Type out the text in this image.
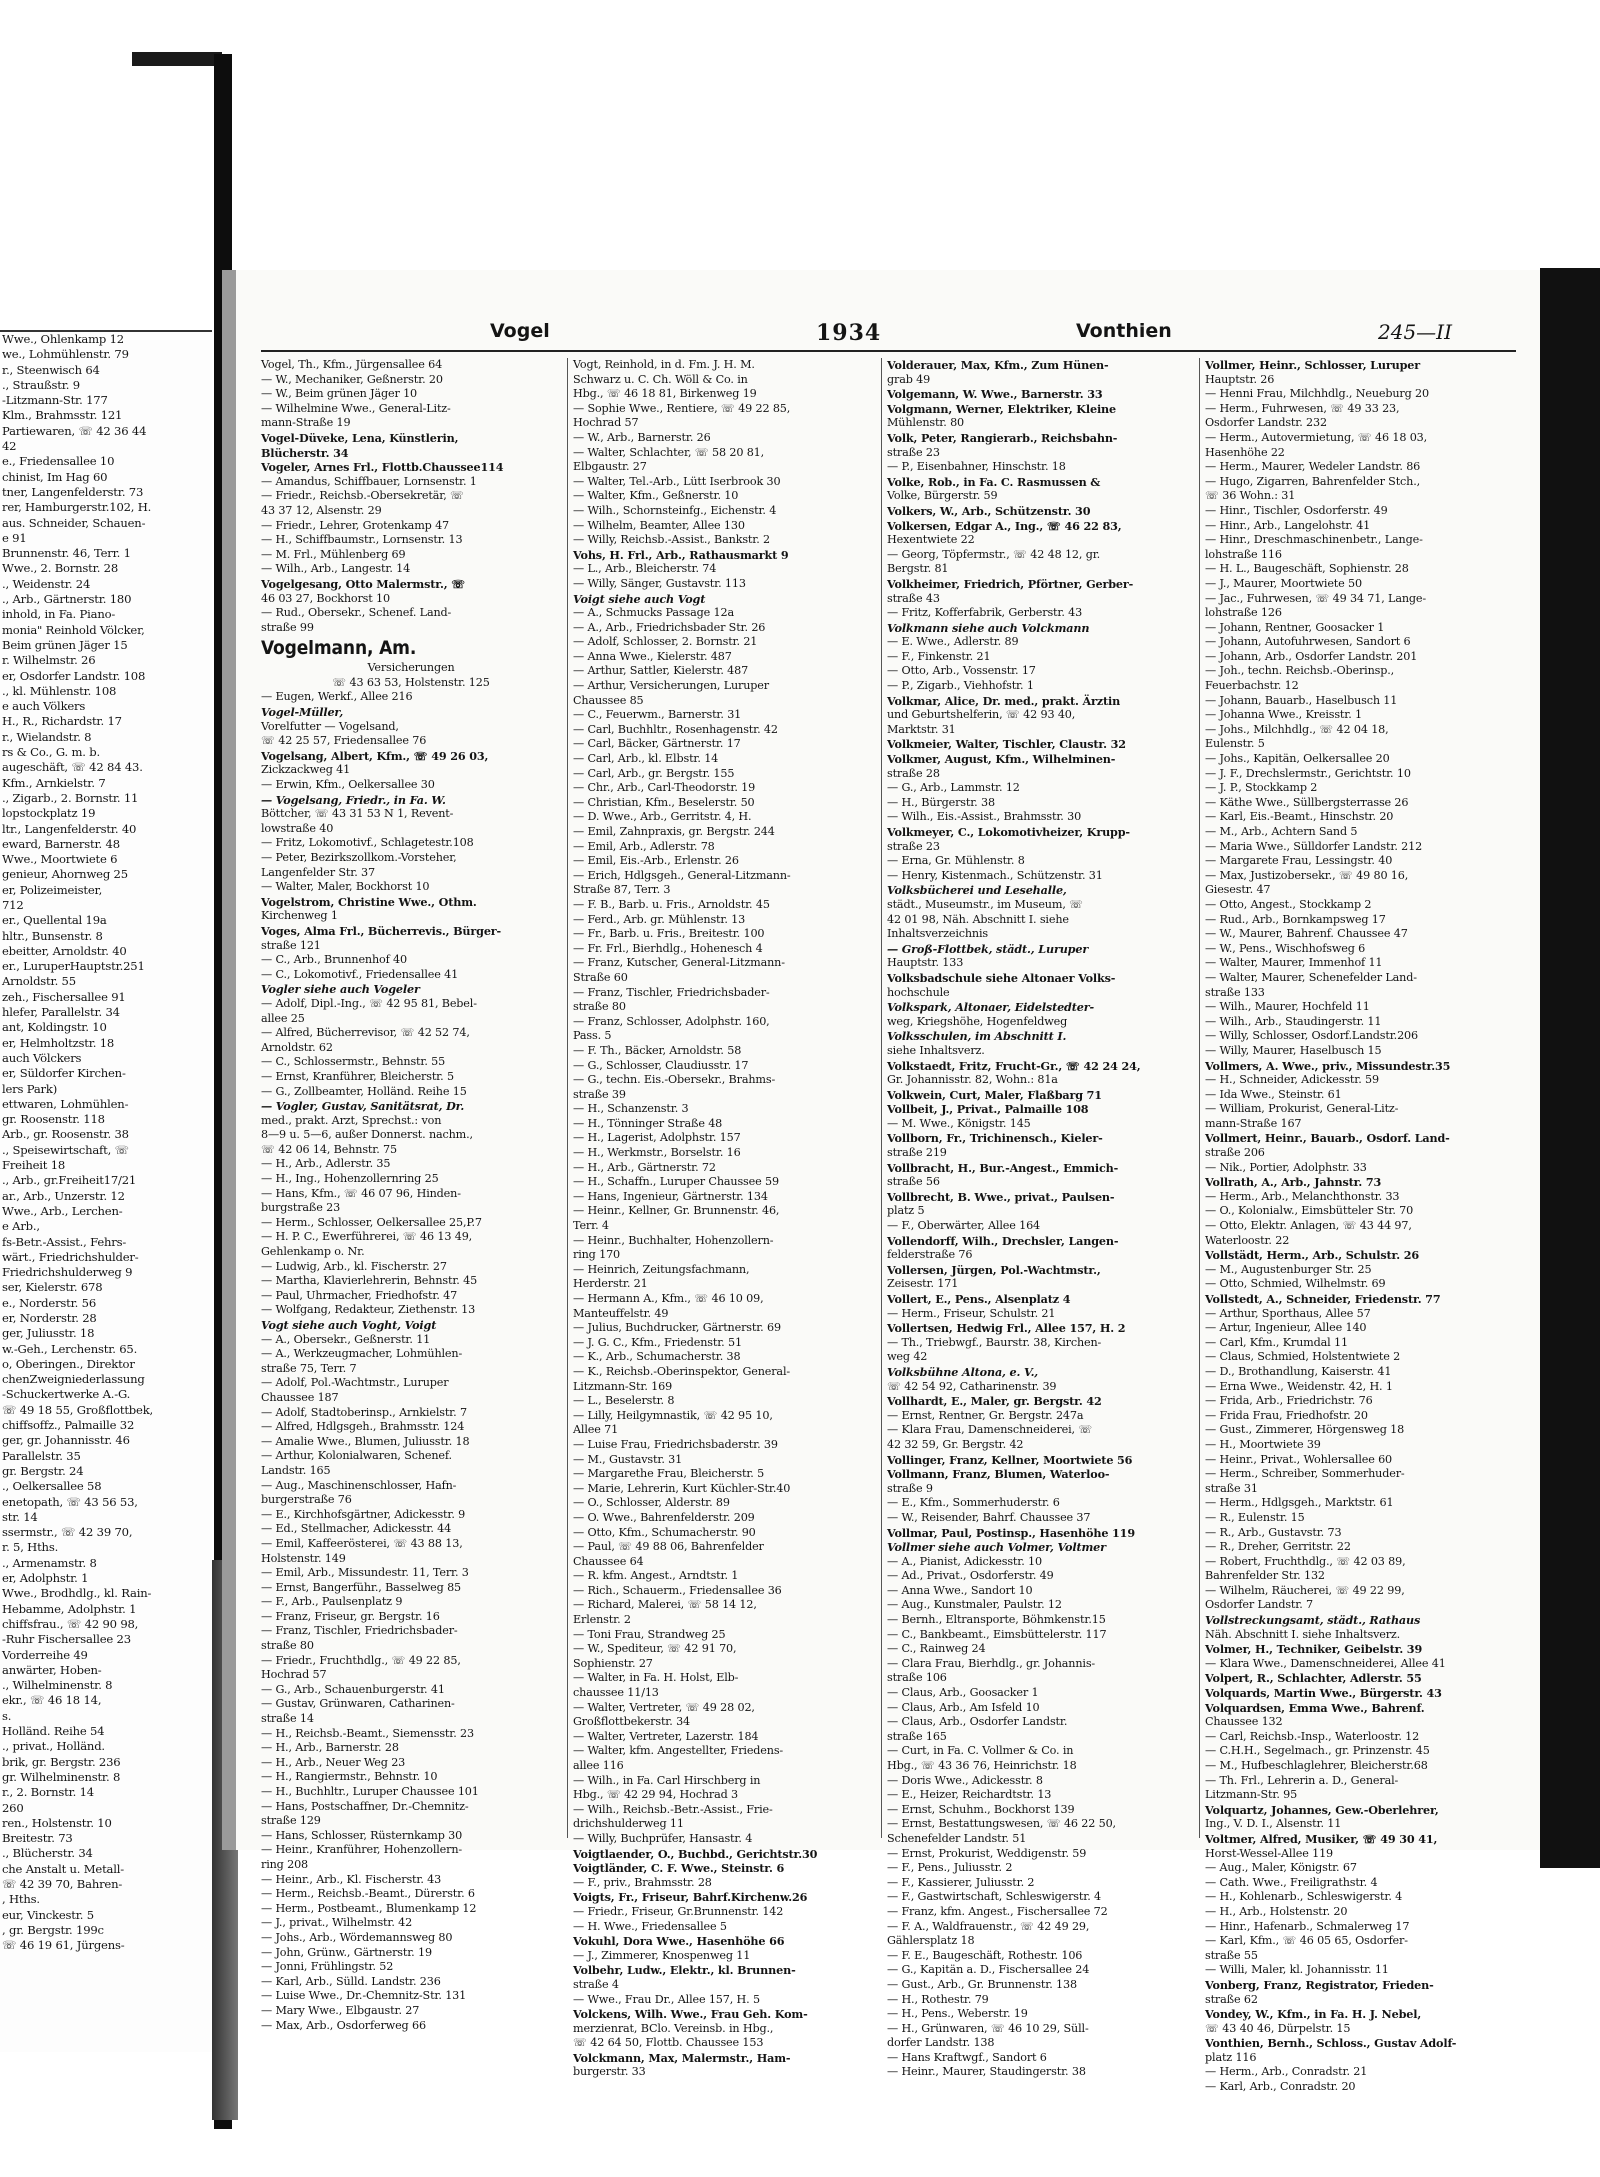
Wwe., Ohlenkamp 12
we., Lohmühlenstr. 79
r., Steenwisch 64
., Straußstr. 9
-Litzmann-Str. 177
Klm., Brahmsstr. 121
Partiewaren, ☏ 42 36 44
42
e., Friedensallee 10
chinist, Im Hag 60
tner, Langenfelderstr. 73
rer, Hamburgerstr.102, H.
aus. Schneider, Schauen-
e 91
Brunnenstr. 46, Terr. 1
Wwe., 2. Bornstr. 28
., Weidenstr. 24
., Arb., Gärtnerstr. 180
inhold, in Fa. Piano-
monia" Reinhold Völcker,
Beim grünen Jäger 15
r. Wilhelmstr. 26
er, Osdorfer Landstr. 108
., kl. Mühlenstr. 108
e auch Völkers
H., R., Richardstr. 17
r., Wielandstr. 8
rs & Co., G. m. b.
augeschäft, ☏ 42 84 43.
Kfm., Arnkielstr. 7
., Zigarb., 2. Bornstr. 11
lopstockplatz 19
ltr., Langenfelderstr. 40
eward, Barnerstr. 48
Wwe., Moortwiete 6
genieur, Ahornweg 25
er, Polizeimeister,
712
er., Quellental 19a
hltr., Bunsenstr. 8
ebeitter, Arnoldstr. 40
er., LuruperHauptstr.251
Arnoldstr. 55
zeh., Fischersallee 91
hlefer, Parallelstr. 34
ant, Koldingstr. 10
er, Helmholtzstr. 18
auch Völckers
er, Süldorfer Kirchen-
lers Park)
ettwaren, Lohmühlen-
gr. Roosenstr. 118
Arb., gr. Roosenstr. 38
., Speisewirtschaft, ☏
Freiheit 18
., Arb., gr.Freiheit17/21
ar., Arb., Unzerstr. 12
Wwe., Arb., Lerchen-
e Arb.,
fs-Betr.-Assist., Fehrs-
wärt., Friedrichshulder-
Friedrichshulderweg 9
ser, Kielerstr. 678
e., Norderstr. 56
er, Norderstr. 28
ger, Juliusstr. 18
w.-Geh., Lerchenstr. 65.
o, Oberingen., Direktor
chenZweigniederlassung
-Schuckertwerke A.-G.
☏ 49 18 55, Großflottbek,
chiffsoffz., Palmaille 32
ger, gr. Johannisstr. 46
Parallelstr. 35
gr. Bergstr. 24
., Oelkersallee 58
enetopath, ☏ 43 56 53,
str. 14
ssermstr., ☏ 42 39 70,
r. 5, Hths.
., Armenamstr. 8
er, Adolphstr. 1
Wwe., Brodhdlg., kl. Rain-
Hebamme, Adolphstr. 1
chiffsfrau., ☏ 42 90 98,
-Ruhr Fischersallee 23
Vorderreihe 49
anwärter, Hoben-
., Wilhelminenstr. 8
ekr., ☏ 46 18 14,
s.
Holländ. Reihe 54
., privat., Holländ.
brik, gr. Bergstr. 236
gr. Wilhelminenstr. 8
r., 2. Bornstr. 14
260
ren., Holstenstr. 10
Breitestr. 73
., Blücherstr. 34
che Anstalt u. Metall-
☏ 42 39 70, Bahren-
, Hths.
eur, Vinckestr. 5
, gr. Bergstr. 199c
☏ 46 19 61, Jürgens-
Vogel	1934	Vonthien	245—II
Vogel, Th., Kfm., Jürgensallee 64
— W., Mechaniker, Geßnerstr. 20
— W., Beim grünen Jäger 10
— Wilhelmine Wwe., General-Litz-
mann-Straße 19
Vogel-Düveke, Lena, Künstlerin,
Blücherstr. 34
Vogeler, Arnes Frl., Flottb.Chaussee114
— Amandus, Schiffbauer, Lornsenstr. 1
— Friedr., Reichsb.-Obersekretär, ☏
43 37 12, Alsenstr. 29
— Friedr., Lehrer, Grotenkamp 47
— H., Schiffbaumstr., Lornsenstr. 13
— M. Frl., Mühlenberg 69
— Wilh., Arb., Langestr. 14
Vogelgesang, Otto Malermstr., ☏
46 03 27, Bockhorst 10
— Rud., Obersekr., Schenef. Land-
straße 99
Vogelmann, Am.
Versicherungen
☏ 43 63 53, Holstenstr. 125
— Eugen, Werkf., Allee 216
Vogel-Müller,
Vorelfutter — Vogelsand,
☏ 42 25 57, Friedensallee 76
Vogelsang, Albert, Kfm., ☏ 49 26 03,
Zickzackweg 41
— Erwin, Kfm., Oelkersallee 30
— Vogelsang, Friedr., in Fa. W.
Böttcher, ☏ 43 31 53 N 1, Revent-
lowstraße 40
— Fritz, Lokomotivf., Schlagetestr.108
— Peter, Bezirkszollkom.-Vorsteher,
Langenfelder Str. 37
— Walter, Maler, Bockhorst 10
Vogelstrom, Christine Wwe., Othm.
Kirchenweg 1
Voges, Alma Frl., Bücherrevis., Bürger-
straße 121
— C., Arb., Brunnenhof 40
— C., Lokomotivf., Friedensallee 41
Vogler siehe auch Vogeler
— Adolf, Dipl.-Ing., ☏ 42 95 81, Bebel-
allee 25
— Alfred, Bücherrevisor, ☏ 42 52 74,
Arnoldstr. 62
— C., Schlossermstr., Behnstr. 55
— Ernst, Kranführer, Bleicherstr. 5
— G., Zollbeamter, Holländ. Reihe 15
— Vogler, Gustav, Sanitätsrat, Dr.
med., prakt. Arzt, Sprechst.: von
8—9 u. 5—6, außer Donnerst. nachm.,
☏ 42 06 14, Behnstr. 75
— H., Arb., Adlerstr. 35
— H., Ing., Hohenzollernring 25
— Hans, Kfm., ☏ 46 07 96, Hinden-
burgstraße 23
— Herm., Schlosser, Oelkersallee 25,P.7
— H. P. C., Ewerführerei, ☏ 46 13 49,
Gehlenkamp o. Nr.
— Ludwig, Arb., kl. Fischerstr. 27
— Martha, Klavierlehrerin, Behnstr. 45
— Paul, Uhrmacher, Friedhofstr. 47
— Wolfgang, Redakteur, Ziethenstr. 13
Vogt siehe auch Voght, Voigt
— A., Obersekr., Geßnerstr. 11
— A., Werkzeugmacher, Lohmühlen-
straße 75, Terr. 7
— Adolf, Pol.-Wachtmstr., Luruper
Chaussee 187
— Adolf, Stadtoberinsp., Arnkielstr. 7
— Alfred, Hdlgsgeh., Brahmsstr. 124
— Amalie Wwe., Blumen, Juliusstr. 18
— Arthur, Kolonialwaren, Schenef.
Landstr. 165
— Aug., Maschinenschlosser, Hafn-
burgerstraße 76
— E., Kirchhofsgärtner, Adickesstr. 9
— Ed., Stellmacher, Adickesstr. 44
— Emil, Kaffeerösterei, ☏ 43 88 13,
Holstenstr. 149
— Emil, Arb., Missundestr. 11, Terr. 3
— Ernst, Bangerführ., Basselweg 85
— F., Arb., Paulsenplatz 9
— Franz, Friseur, gr. Bergstr. 16
— Franz, Tischler, Friedrichsbader-
straße 80
— Friedr., Fruchthdlg., ☏ 49 22 85,
Hochrad 57
— G., Arb., Schauenburgerstr. 41
— Gustav, Grünwaren, Catharinen-
straße 14
— H., Reichsb.-Beamt., Siemensstr. 23
— H., Arb., Barnerstr. 28
— H., Arb., Neuer Weg 23
— H., Rangiermstr., Behnstr. 10
— H., Buchhltr., Luruper Chaussee 101
— Hans, Postschaffner, Dr.-Chemnitz-
straße 129
— Hans, Schlosser, Rüsternkamp 30
— Heinr., Kranführer, Hohenzollern-
ring 208
— Heinr., Arb., Kl. Fischerstr. 43
— Herm., Reichsb.-Beamt., Dürerstr. 6
— Herm., Postbeamt., Blumenkamp 12
— J., privat., Wilhelmstr. 42
— Johs., Arb., Wördemannsweg 80
— John, Grünw., Gärtnerstr. 19
— Jonni, Frühlingstr. 52
— Karl, Arb., Sülld. Landstr. 236
— Luise Wwe., Dr.-Chemnitz-Str. 131
— Mary Wwe., Elbgaustr. 27
— Max, Arb., Osdorferweg 66
Vogt, Reinhold, in d. Fm. J. H. M.
Schwarz u. C. Ch. Wöll & Co. in
Hbg., ☏ 46 18 81, Birkenweg 19
— Sophie Wwe., Rentiere, ☏ 49 22 85,
Hochrad 57
— W., Arb., Barnerstr. 26
— Walter, Schlachter, ☏ 58 20 81,
Elbgaustr. 27
— Walter, Tel.-Arb., Lütt Iserbrook 30
— Walter, Kfm., Geßnerstr. 10
— Wilh., Schornsteinfg., Eichenstr. 4
— Wilhelm, Beamter, Allee 130
— Willy, Reichsb.-Assist., Bankstr. 2
Vohs, H. Frl., Arb., Rathausmarkt 9
— L., Arb., Bleicherstr. 74
— Willy, Sänger, Gustavstr. 113
Voigt siehe auch Vogt
— A., Schmucks Passage 12a
— A., Arb., Friedrichsbader Str. 26
— Adolf, Schlosser, 2. Bornstr. 21
— Anna Wwe., Kielerstr. 487
— Arthur, Sattler, Kielerstr. 487
— Arthur, Versicherungen, Luruper
Chaussee 85
— C., Feuerwm., Barnerstr. 31
— Carl, Buchhltr., Rosenhagenstr. 42
— Carl, Bäcker, Gärtnerstr. 17
— Carl, Arb., kl. Elbstr. 14
— Carl, Arb., gr. Bergstr. 155
— Chr., Arb., Carl-Theodorstr. 19
— Christian, Kfm., Beselerstr. 50
— D. Wwe., Arb., Gerritstr. 4, H.
— Emil, Zahnpraxis, gr. Bergstr. 244
— Emil, Arb., Adlerstr. 78
— Emil, Eis.-Arb., Erlenstr. 26
— Erich, Hdlgsgeh., General-Litzmann-
Straße 87, Terr. 3
— F. B., Barb. u. Fris., Arnoldstr. 45
— Ferd., Arb. gr. Mühlenstr. 13
— Fr., Barb. u. Fris., Breitestr. 100
— Fr. Frl., Bierhdlg., Hohenesch 4
— Franz, Kutscher, General-Litzmann-
Straße 60
— Franz, Tischler, Friedrichsbader-
straße 80
— Franz, Schlosser, Adolphstr. 160,
Pass. 5
— F. Th., Bäcker, Arnoldstr. 58
— G., Schlosser, Claudiusstr. 17
— G., techn. Eis.-Obersekr., Brahms-
straße 39
— H., Schanzenstr. 3
— H., Tönninger Straße 48
— H., Lagerist, Adolphstr. 157
— H., Werkmstr., Borselstr. 16
— H., Arb., Gärtnerstr. 72
— H., Schaffn., Luruper Chaussee 59
— Hans, Ingenieur, Gärtnerstr. 134
— Heinr., Kellner, Gr. Brunnenstr. 46,
Terr. 4
— Heinr., Buchhalter, Hohenzollern-
ring 170
— Heinrich, Zeitungsfachmann,
Herderstr. 21
— Hermann A., Kfm., ☏ 46 10 09,
Manteuffelstr. 49
— Julius, Buchdrucker, Gärtnerstr. 69
— J. G. C., Kfm., Friedenstr. 51
— K., Arb., Schumacherstr. 38
— K., Reichsb.-Oberinspektor, General-
Litzmann-Str. 169
— L., Beselerstr. 8
— Lilly, Heilgymnastik, ☏ 42 95 10,
Allee 71
— Luise Frau, Friedrichsbaderstr. 39
— M., Gustavstr. 31
— Margarethe Frau, Bleicherstr. 5
— Marie, Lehrerin, Kurt Küchler-Str.40
— O., Schlosser, Alderstr. 89
— O. Wwe., Bahrenfelderstr. 209
— Otto, Kfm., Schumacherstr. 90
— Paul, ☏ 49 88 06, Bahrenfelder
Chaussee 64
— R. kfm. Angest., Arndtstr. 1
— Rich., Schauerm., Friedensallee 36
— Richard, Malerei, ☏ 58 14 12,
Erlenstr. 2
— Toni Frau, Strandweg 25
— W., Spediteur, ☏ 42 91 70,
Sophienstr. 27
— Walter, in Fa. H. Holst, Elb-
chaussee 11/13
— Walter, Vertreter, ☏ 49 28 02,
Großflottbekerstr. 34
— Walter, Vertreter, Lazerstr. 184
— Walter, kfm. Angestellter, Friedens-
allee 116
— Wilh., in Fa. Carl Hirschberg in
Hbg., ☏ 42 29 94, Hochrad 3
— Wilh., Reichsb.-Betr.-Assist., Frie-
drichshulderweg 11
— Willy, Buchprüfer, Hansastr. 4
Voigtlaender, O., Buchbd., Gerichtstr.30
Voigtländer, C. F. Wwe., Steinstr. 6
— F., priv., Brahmsstr. 28
Voigts, Fr., Friseur, Bahrf.Kirchenw.26
— Friedr., Friseur, Gr.Brunnenstr. 142
— H. Wwe., Friedensallee 5
Vokuhl, Dora Wwe., Hasenhöhe 66
— J., Zimmerer, Knospenweg 11
Volbehr, Ludw., Elektr., kl. Brunnen-
straße 4
— Wwe., Frau Dr., Allee 157, H. 5
Volckens, Wilh. Wwe., Frau Geh. Kom-
merzienrat, BClo. Vereinsb. in Hbg.,
☏ 42 64 50, Flottb. Chaussee 153
Volckmann, Max, Malermstr., Ham-
burgerstr. 33
Volderauer, Max, Kfm., Zum Hünen-
grab 49
Volgemann, W. Wwe., Barnerstr. 33
Volgmann, Werner, Elektriker, Kleine
Mühlenstr. 80
Volk, Peter, Rangierarb., Reichsbahn-
straße 23
— P., Eisenbahner, Hinschstr. 18
Volke, Rob., in Fa. C. Rasmussen &
Volke, Bürgerstr. 59
Volkers, W., Arb., Schützenstr. 30
Volkersen, Edgar A., Ing., ☏ 46 22 83,
Hexentwiete 22
— Georg, Töpfermstr., ☏ 42 48 12, gr.
Bergstr. 81
Volkheimer, Friedrich, Pförtner, Gerber-
straße 43
— Fritz, Kofferfabrik, Gerberstr. 43
Volkmann siehe auch Volckmann
— E. Wwe., Adlerstr. 89
— F., Finkenstr. 21
— Otto, Arb., Vossenstr. 17
— P., Zigarb., Viehhofstr. 1
Volkmar, Alice, Dr. med., prakt. Ärztin
und Geburtshelferin, ☏ 42 93 40,
Marktstr. 31
Volkmeier, Walter, Tischler, Claustr. 32
Volkmer, August, Kfm., Wilhelminen-
straße 28
— G., Arb., Lammstr. 12
— H., Bürgerstr. 38
— Wilh., Eis.-Assist., Brahmsstr. 30
Volkmeyer, C., Lokomotivheizer, Krupp-
straße 23
— Erna, Gr. Mühlenstr. 8
— Henry, Kistenmach., Schützenstr. 31
Volksbücherei und Lesehalle,
städt., Museumstr., im Museum, ☏
42 01 98, Näh. Abschnitt I. siehe
Inhaltsverzeichnis
— Groß-Flottbek, städt., Luruper
Hauptstr. 133
Volksbadschule siehe Altonaer Volks-
hochschule
Volkspark, Altonaer, Eidelstedter-
weg, Kriegshöhe, Hogenfeldweg
Volksschulen, im Abschnitt I.
siehe Inhaltsverz.
Volkstaedt, Fritz, Frucht-Gr., ☏ 42 24 24,
Gr. Johannisstr. 82, Wohn.: 81a
Volkwein, Curt, Maler, Flaßbarg 71
Vollbeit, J., Privat., Palmaille 108
— M. Wwe., Königstr. 145
Vollborn, Fr., Trichinensch., Kieler-
straße 219
Vollbracht, H., Bur.-Angest., Emmich-
straße 56
Vollbrecht, B. Wwe., privat., Paulsen-
platz 5
— F., Oberwärter, Allee 164
Vollendorff, Wilh., Drechsler, Langen-
felderstraße 76
Vollersen, Jürgen, Pol.-Wachtmstr.,
Zeisestr. 171
Vollert, E., Pens., Alsenplatz 4
— Herm., Friseur, Schulstr. 21
Vollertsen, Hedwig Frl., Allee 157, H. 2
— Th., Triebwgf., Baurstr. 38, Kirchen-
weg 42
Volksbühne Altona, e. V.,
☏ 42 54 92, Catharinenstr. 39
Vollhardt, E., Maler, gr. Bergstr. 42
— Ernst, Rentner, Gr. Bergstr. 247a
— Klara Frau, Damenschneiderei, ☏
42 32 59, Gr. Bergstr. 42
Vollinger, Franz, Kellner, Moortwiete 56
Vollmann, Franz, Blumen, Waterloo-
straße 9
— E., Kfm., Sommerhuderstr. 6
— W., Reisender, Bahrf. Chaussee 37
Vollmar, Paul, Postinsp., Hasenhöhe 119
Vollmer siehe auch Volmer, Voltmer
— A., Pianist, Adickesstr. 10
— Ad., Privat., Osdorferstr. 49
— Anna Wwe., Sandort 10
— Aug., Kunstmaler, Paulstr. 12
— Bernh., Eltransporte, Böhmkenstr.15
— C., Bankbeamt., Eimsbüttelerstr. 117
— C., Rainweg 24
— Clara Frau, Bierhdlg., gr. Johannis-
straße 106
— Claus, Arb., Goosacker 1
— Claus, Arb., Am Isfeld 10
— Claus, Arb., Osdorfer Landstr.
straße 165
— Curt, in Fa. C. Vollmer & Co. in
Hbg., ☏ 43 36 76, Heinrichstr. 18
— Doris Wwe., Adickesstr. 8
— E., Heizer, Reichardtstr. 13
— Ernst, Schuhm., Bockhorst 139
— Ernst, Bestattungswesen, ☏ 46 22 50,
Schenefelder Landstr. 51
— Ernst, Prokurist, Weddigenstr. 59
— F., Pens., Juliusstr. 2
— F., Kassierer, Juliusstr. 2
— F., Gastwirtschaft, Schleswigerstr. 4
— Franz, kfm. Angest., Fischersallee 72
— F. A., Waldfrauenstr., ☏ 42 49 29,
Gählersplatz 18
— F. E., Baugeschäft, Rothestr. 106
— G., Kapitän a. D., Fischersallee 24
— Gust., Arb., Gr. Brunnenstr. 138
— H., Rothestr. 79
— H., Pens., Weberstr. 19
— H., Grünwaren, ☏ 46 10 29, Süll-
dorfer Landstr. 138
— Hans Kraftwgf., Sandort 6
— Heinr., Maurer, Staudingerstr. 38
Vollmer, Heinr., Schlosser, Luruper
Hauptstr. 26
— Henni Frau, Milchhdlg., Neueburg 20
— Herm., Fuhrwesen, ☏ 49 33 23,
Osdorfer Landstr. 232
— Herm., Autovermietung, ☏ 46 18 03,
Hasenhöhe 22
— Herm., Maurer, Wedeler Landstr. 86
— Hugo, Zigarren, Bahrenfelder Stch.,
☏ 36 Wohn.: 31
— Hinr., Tischler, Osdorferstr. 49
— Hinr., Arb., Langelohstr. 41
— Hinr., Dreschmaschinenbetr., Lange-
lohstraße 116
— H. L., Baugeschäft, Sophienstr. 28
— J., Maurer, Moortwiete 50
— Jac., Fuhrwesen, ☏ 49 34 71, Lange-
lohstraße 126
— Johann, Rentner, Goosacker 1
— Johann, Autofuhrwesen, Sandort 6
— Johann, Arb., Osdorfer Landstr. 201
— Joh., techn. Reichsb.-Oberinsp.,
Feuerbachstr. 12
— Johann, Bauarb., Haselbusch 11
— Johanna Wwe., Kreisstr. 1
— Johs., Milchhdlg., ☏ 42 04 18,
Eulenstr. 5
— Johs., Kapitän, Oelkersallee 20
— J. F., Drechslermstr., Gerichtstr. 10
— J. P., Stockkamp 2
— Käthe Wwe., Süllbergsterrasse 26
— Karl, Eis.-Beamt., Hinschstr. 20
— M., Arb., Achtern Sand 5
— Maria Wwe., Sülldorfer Landstr. 212
— Margarete Frau, Lessingstr. 40
— Max, Justizobersekr., ☏ 49 80 16,
Giesestr. 47
— Otto, Angest., Stockkamp 2
— Rud., Arb., Bornkampsweg 17
— W., Maurer, Bahrenf. Chaussee 47
— W., Pens., Wischhofsweg 6
— Walter, Maurer, Immenhof 11
— Walter, Maurer, Schenefelder Land-
straße 133
— Wilh., Maurer, Hochfeld 11
— Wilh., Arb., Staudingerstr. 11
— Willy, Schlosser, Osdorf.Landstr.206
— Willy, Maurer, Haselbusch 15
Vollmers, A. Wwe., priv., Missundestr.35
— H., Schneider, Adickesstr. 59
— Ida Wwe., Steinstr. 61
— William, Prokurist, General-Litz-
mann-Straße 167
Vollmert, Heinr., Bauarb., Osdorf. Land-
straße 206
— Nik., Portier, Adolphstr. 33
Vollrath, A., Arb., Jahnstr. 73
— Herm., Arb., Melanchthonstr. 33
— O., Kolonialw., Eimsbütteler Str. 70
— Otto, Elektr. Anlagen, ☏ 43 44 97,
Waterloostr. 22
Vollstädt, Herm., Arb., Schulstr. 26
— M., Augustenburger Str. 25
— Otto, Schmied, Wilhelmstr. 69
Vollstedt, A., Schneider, Friedenstr. 77
— Arthur, Sporthaus, Allee 57
— Artur, Ingenieur, Allee 140
— Carl, Kfm., Krumdal 11
— Claus, Schmied, Holstentwiete 2
— D., Brothandlung, Kaiserstr. 41
— Erna Wwe., Weidenstr. 42, H. 1
— Frida, Arb., Friedrichstr. 76
— Frida Frau, Friedhofstr. 20
— Gust., Zimmerer, Hörgensweg 18
— H., Moortwiete 39
— Heinr., Privat., Wohlersallee 60
— Herm., Schreiber, Sommerhuder-
straße 31
— Herm., Hdlgsgeh., Marktstr. 61
— R., Eulenstr. 15
— R., Arb., Gustavstr. 73
— R., Dreher, Gerritstr. 22
— Robert, Fruchthdlg., ☏ 42 03 89,
Bahrenfelder Str. 132
— Wilhelm, Räucherei, ☏ 49 22 99,
Osdorfer Landstr. 7
Vollstreckungsamt, städt., Rathaus
Näh. Abschnitt I. siehe Inhaltsverz.
Volmer, H., Techniker, Geibelstr. 39
— Klara Wwe., Damenschneiderei, Allee 41
Volpert, R., Schlachter, Adlerstr. 55
Volquards, Martin Wwe., Bürgerstr. 43
Volquardsen, Emma Wwe., Bahrenf.
Chaussee 132
— Carl, Reichsb.-Insp., Waterloostr. 12
— C.H.H., Segelmach., gr. Prinzenstr. 45
— M., Hufbeschlaglehrer, Bleicherstr.68
— Th. Frl., Lehrerin a. D., General-
Litzmann-Str. 95
Volquartz, Johannes, Gew.-Oberlehrer,
Ing., V. D. I., Alsenstr. 11
Voltmer, Alfred, Musiker, ☏ 49 30 41,
Horst-Wessel-Allee 119
— Aug., Maler, Königstr. 67
— Cath. Wwe., Freiligrathstr. 4
— H., Kohlenarb., Schleswigerstr. 4
— H., Arb., Holstenstr. 20
— Hinr., Hafenarb., Schmalerweg 17
— Karl, Kfm., ☏ 46 05 65, Osdorfer-
straße 55
— Willi, Maler, kl. Johannisstr. 11
Vonberg, Franz, Registrator, Frieden-
straße 62
Vondey, W., Kfm., in Fa. H. J. Nebel,
☏ 43 40 46, Dürpelstr. 15
Vonthien, Bernh., Schloss., Gustav Adolf-
platz 116
— Herm., Arb., Conradstr. 21
— Karl, Arb., Conradstr. 20
